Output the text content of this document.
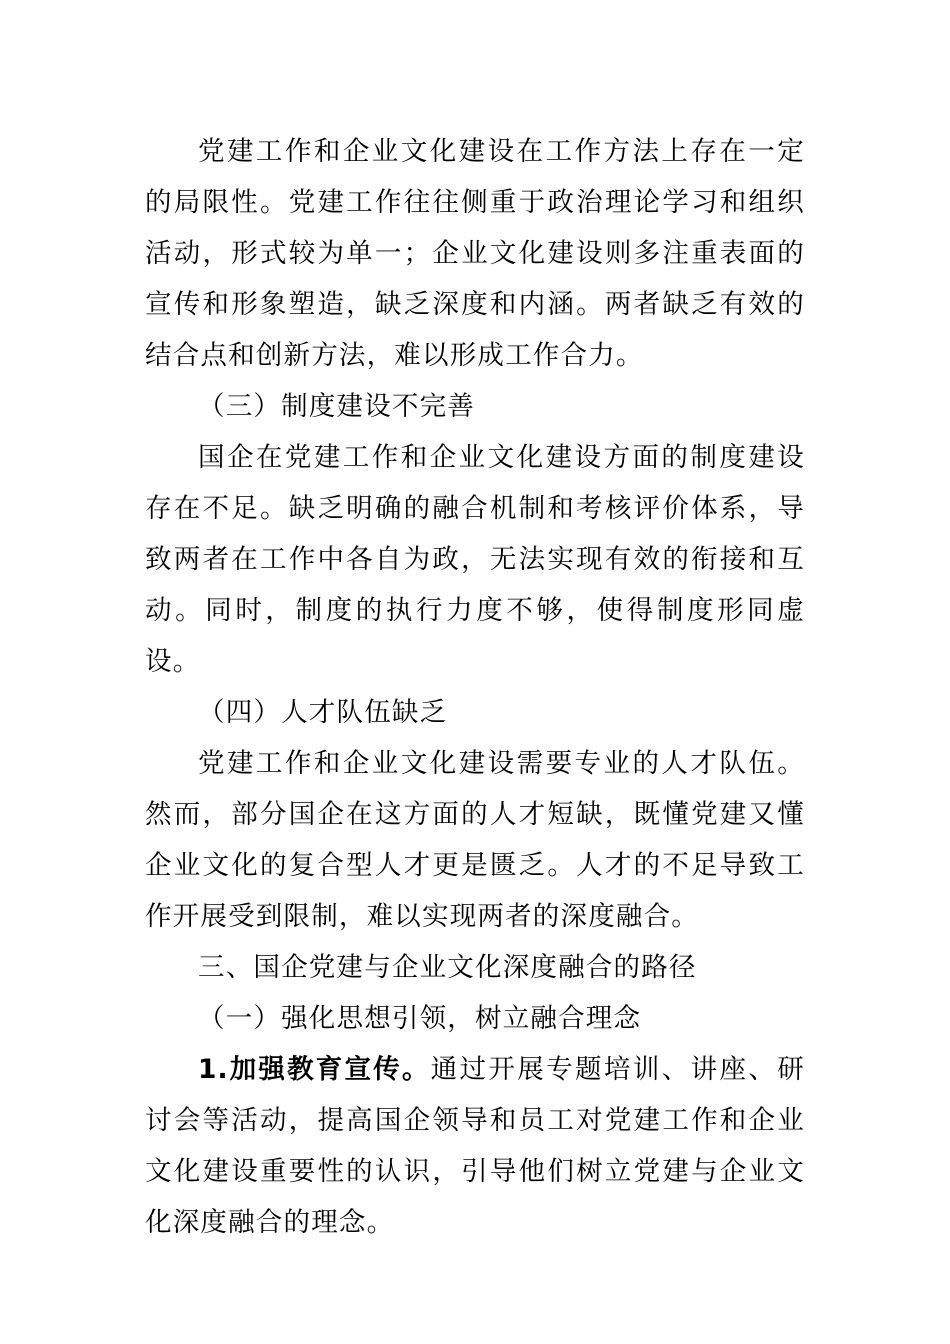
党建工作和企业文化建设在工作方法上存在一定的局限性。党建工作往往侧重于政治理论学习和组织活动，形式较为单一；企业文化建设则多注重表面的宣传和形象塑造，缺乏深度和内涵。两者缺乏有效的结合点和创新方法，难以形成工作合力。

（三）制度建设不完善

国企在党建工作和企业文化建设方面的制度建设存在不足。缺乏明确的融合机制和考核评价体系，导致两者在工作中各自为政，无法实现有效的衔接和互动。同时，制度的执行力度不够，使得制度形同虚设。

（四）人才队伍缺乏

党建工作和企业文化建设需要专业的人才队伍。然而，部分国企在这方面的人才短缺，既懂党建又懂企业文化的复合型人才更是匮乏。人才的不足导致工作开展受到限制，难以实现两者的深度融合。

三、国企党建与企业文化深度融合的路径

（一）强化思想引领，树立融合理念

1.加强教育宣传。通过开展专题培训、讲座、研讨会等活动，提高国企领导和员工对党建工作和企业文化建设重要性的认识，引导他们树立党建与企业文化深度融合的理念。
